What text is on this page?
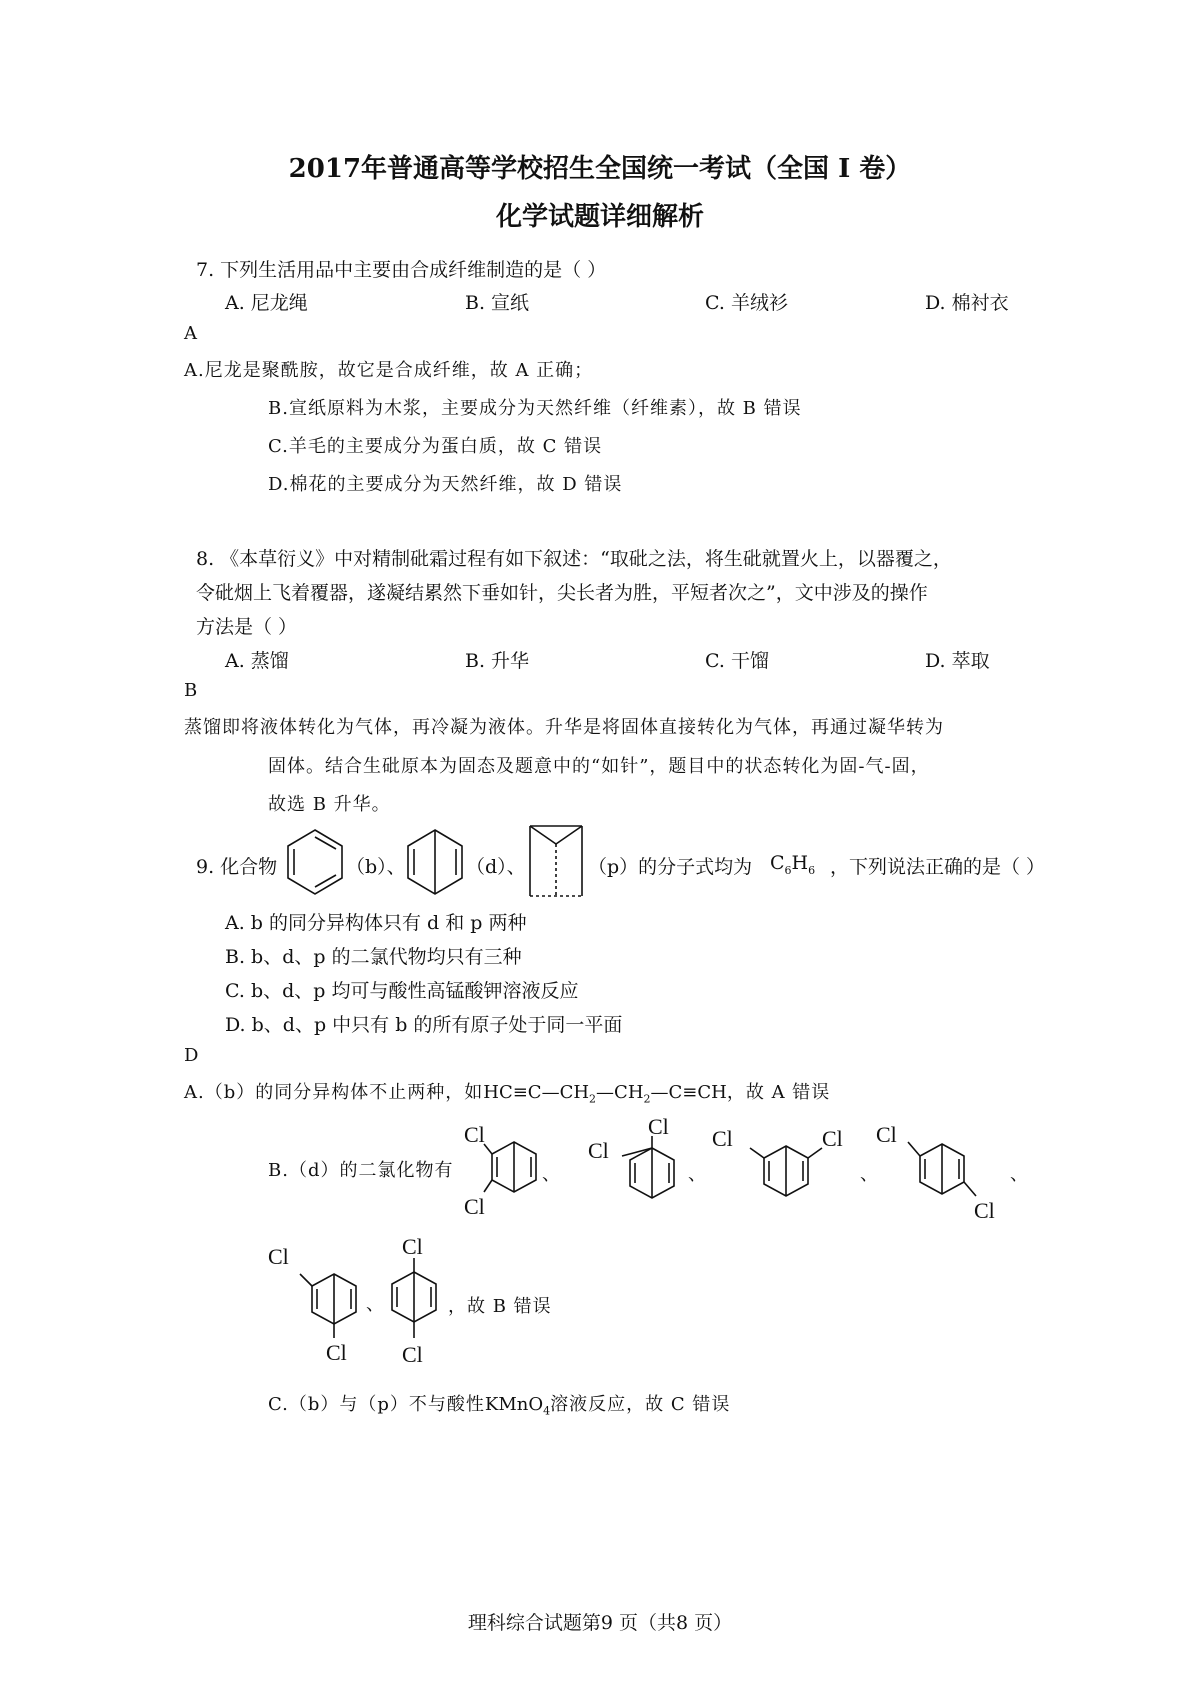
2017年普通高等学校招生全国统一考试（全国 I 卷）
化学试题详细解析
7. 下列生活用品中主要由合成纤维制造的是（ ）
A. 尼龙绳	B. 宣纸	C. 羊绒衫	D. 棉衬衣
A
A.尼龙是聚酰胺，故它是合成纤维，故 A 正确；
B.宣纸原料为木浆，主要成分为天然纤维（纤维素），故 B 错误
C.羊毛的主要成分为蛋白质，故 C 错误
D.棉花的主要成分为天然纤维，故 D 错误
8. 《本草衍义》中对精制砒霜过程有如下叙述：“取砒之法，将生砒就置火上，以器覆之，
令砒烟上飞着覆器，遂凝结累然下垂如针，尖长者为胜，平短者次之”，文中涉及的操作
方法是（ ）
A. 蒸馏	B. 升华	C. 干馏	D. 萃取
B
蒸馏即将液体转化为气体，再冷凝为液体。升华是将固体直接转化为气体，再通过凝华转为
固体。结合生砒原本为固态及题意中的“如针”，题目中的状态转化为固-气-固，
故选 B 升华。
9. 化合物	（b）、	（d）、	（p）的分子式均为 $C_6H_6$ ，下列说法正确的是（ ）
A. b 的同分异构体只有 d 和 p 两种
B. b、d、p 的二氯代物均只有三种
C. b、d、p 均可与酸性高锰酸钾溶液反应
D. b、d、p 中只有 b 的所有原子处于同一平面
D
A.（b）的同分异构体不止两种，如$HC\equiv C—CH_2—CH_2—C\equiv CH$，故 A 错误
B.（d）的二氯化物有
Cl
Cl
、
Cl
Cl
、
Cl	Cl
、
Cl
Cl
、
Cl
Cl
、
Cl
Cl
，故 B 错误
C.（b）与（p）不与酸性KMnO$_4$溶液反应，故 C 错误
理科综合试题第9 页（共8 页）
